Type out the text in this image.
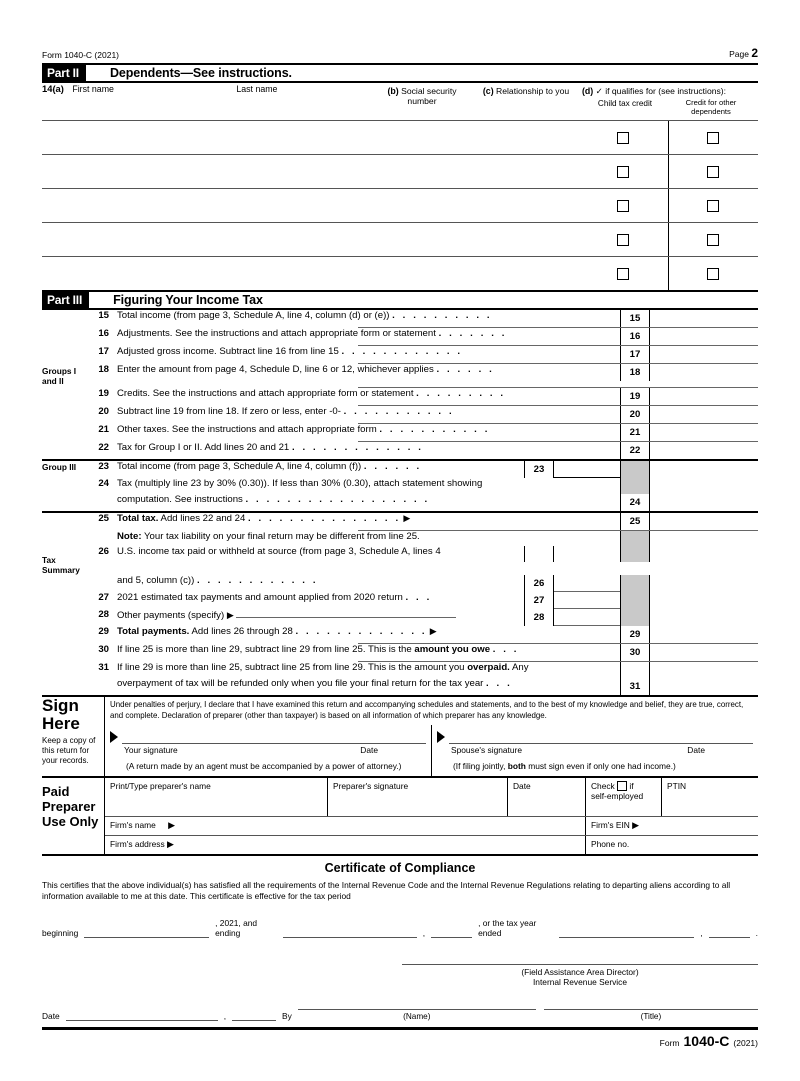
Form 1040-C (2021)	Page 2
Part II	Dependents—See instructions.
14(a) First name Last name	(b) Social security number	(c) Relationship to you	(d) ✓ if qualifies for (see instructions):
Child tax credit Credit for other dependents

Part III	Figuring Your Income Tax
15 Total income (from page 3, Schedule A, line 4, column (d) or (e)) . . . . . . . . . .	15
16 Adjustments. See the instructions and attach appropriate form or statement . . . . . . .	16
17 Adjusted gross income. Subtract line 16 from line 15 . . . . . . . . . . . .	17
Groups I and II
18 Enter the amount from page 4, Schedule D, line 6 or 12, whichever applies . . . . . .	18
19 Credits. See the instructions and attach appropriate form or statement . . . . . . . . .	19
20 Subtract line 19 from line 18. If zero or less, enter -0- . . . . . . . . . . .	20
21 Other taxes. See the instructions and attach appropriate form . . . . . . . . . . .	21
22 Tax for Group I or II. Add lines 20 and 21 . . . . . . . . . . . . .	22
Group III	23 Total income (from page 3, Schedule A, line 4, column (f)) . . . . . .	23
24 Tax (multiply line 23 by 30% (0.30)). If less than 30% (0.30), attach statement showing
computation. See instructions . . . . . . . . . . . . . . . . . .	24
25 Total tax. Add lines 22 and 24 . . . . . . . . . . . . . . . ▶	25
Note: Your tax liability on your final return may be different from line 25.
Tax Summary
26 U.S. income tax paid or withheld at source (from page 3, Schedule A, lines 4
and 5, column (c)) . . . . . . . . . . . .	26
27 2021 estimated tax payments and amount applied from 2020 return . . .	27
28 Other payments (specify) ▶	28
29 Total payments. Add lines 26 through 28 . . . . . . . . . . . . . ▶	29
30 If line 25 is more than line 29, subtract line 29 from line 25. This is the amount you owe . . .	30
31 If line 29 is more than line 25, subtract line 25 from line 29. This is the amount you overpaid. Any
overpayment of tax will be refunded only when you file your final return for the tax year . . .	31
Sign
Here
Keep a copy of this return for your records.
Under penalties of perjury, I declare that I have examined this return and accompanying schedules and statements, and to the best of my knowledge and belief, they are true, correct, and complete. Declaration of preparer (other than taxpayer) is based on all information of which preparer has any knowledge.
Your signature	Date
(A return made by an agent must be accompanied by a power of attorney.)
Spouse's signature	Date
(If filing jointly, both must sign even if only one had income.)
Paid
Preparer
Use Only
Print/Type preparer's name	Preparer's signature	Date	Check if
self-employed
PTIN
Firm's name ▶	Firm's EIN ▶
Firm's address ▶	Phone no.
Certificate of Compliance
This certifies that the above individual(s) has satisfied all the requirements of the Internal Revenue Code and the Internal Revenue Regulations relating to departing aliens according to all information available to me at this date. This certificate is effective for the tax period
beginning
, 2021, and ending	,
, or the tax year ended	,	.
(Field Assistance Area Director)
Internal Revenue Service
Date	,	By	(Name)	(Title)
Form 1040-C (2021)
